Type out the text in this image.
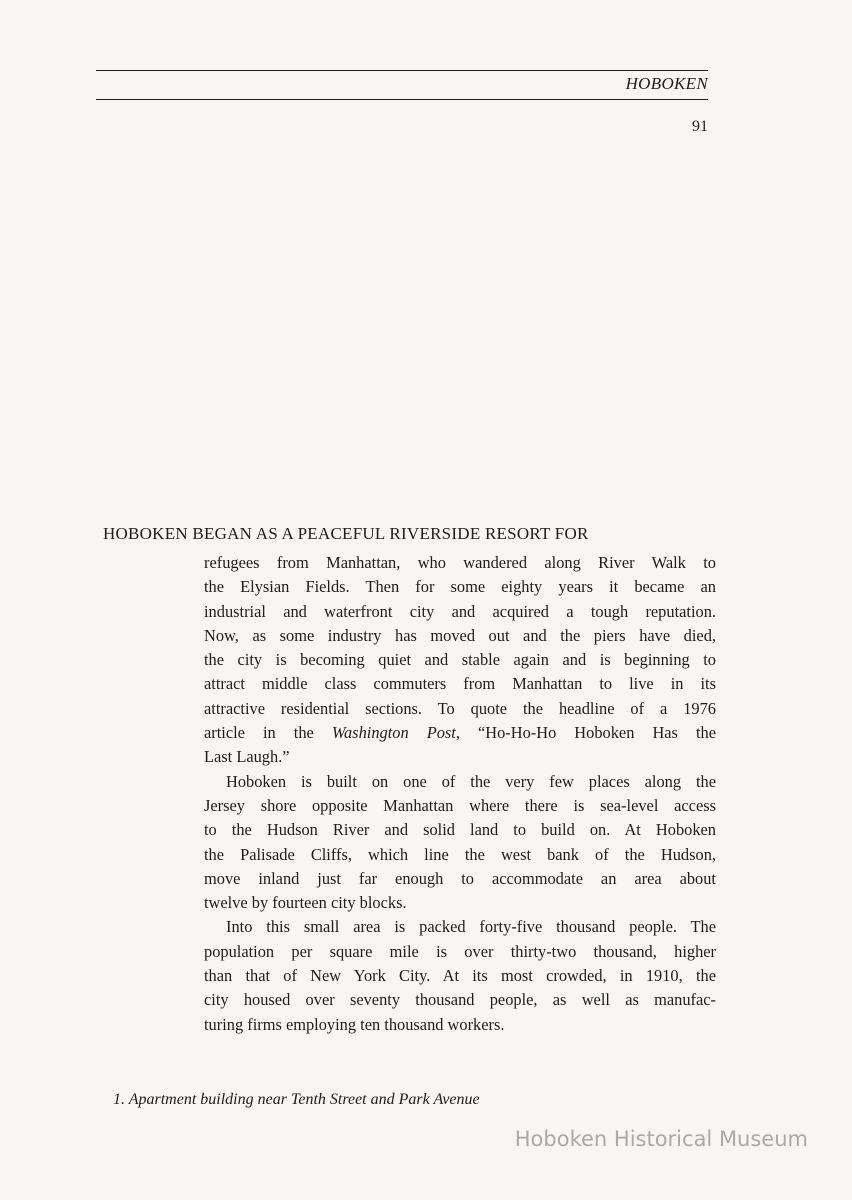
HOBOKEN
91
HOBOKEN BEGAN AS A PEACEFUL RIVERSIDE RESORT FOR
refugees from Manhattan, who wandered along River Walk to
the Elysian Fields. Then for some eighty years it became an
industrial and waterfront city and acquired a tough reputation.
Now, as some industry has moved out and the piers have died,
the city is becoming quiet and stable again and is beginning to
attract middle class commuters from Manhattan to live in its
attractive residential sections. To quote the headline of a 1976
article in the Washington Post, “Ho-Ho-Ho Hoboken Has the
Last Laugh.”
Hoboken is built on one of the very few places along the
Jersey shore opposite Manhattan where there is sea-level access
to the Hudson River and solid land to build on. At Hoboken
the Palisade Cliffs, which line the west bank of the Hudson,
move inland just far enough to accommodate an area about
twelve by fourteen city blocks.
Into this small area is packed forty-five thousand people. The
population per square mile is over thirty-two thousand, higher
than that of New York City. At its most crowded, in 1910, the
city housed over seventy thousand people, as well as manufac-
turing firms employing ten thousand workers.
1. Apartment building near Tenth Street and Park Avenue
Hoboken Historical Museum
